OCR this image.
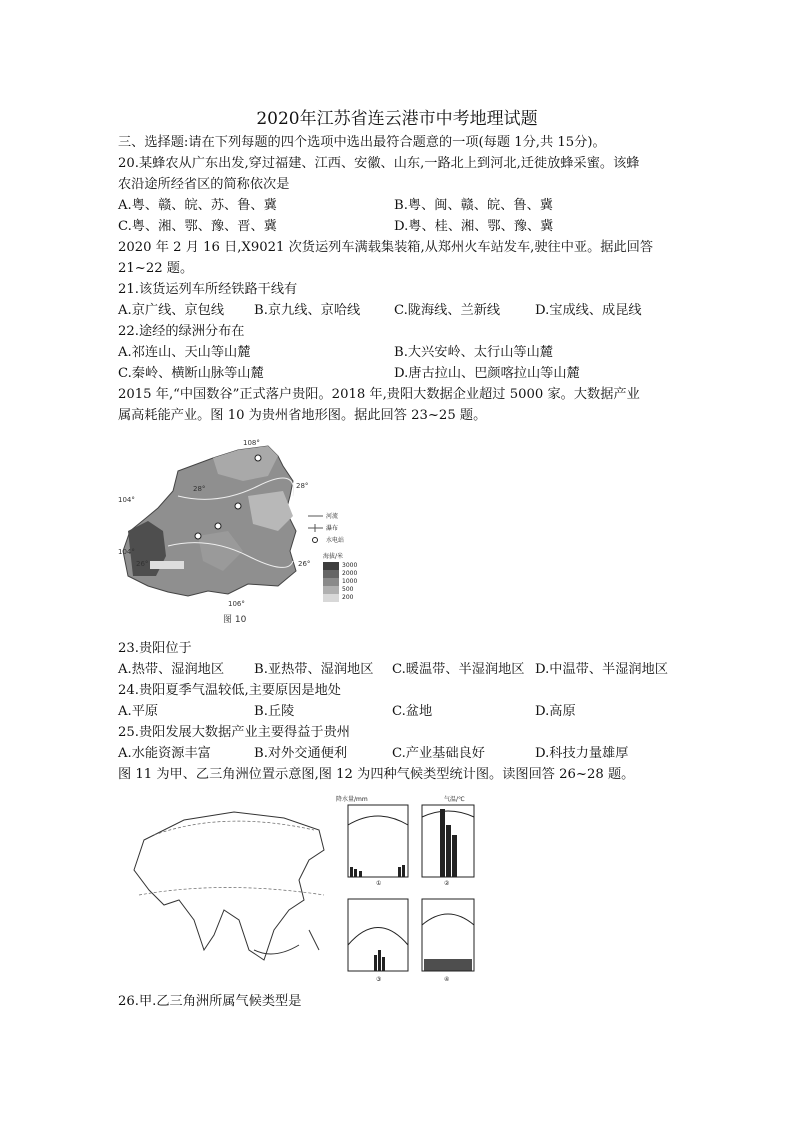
2020年江苏省连云港市中考地理试题
三、选择题:请在下列每题的四个选项中选出最符合题意的一项(每题 1分,共 15分)。
20.某蜂农从广东出发,穿过福建、江西、安徽、山东,一路北上到河北,迁徙放蜂采蜜。该蜂
农沿途所经省区的简称依次是
A.粤、赣、皖、苏、鲁、冀	B.粤、闽、赣、皖、鲁、冀
C.粤、湘、鄂、豫、晋、冀	D.粤、桂、湘、鄂、豫、冀
2020 年 2 月 16 日,X9021 次货运列车满载集装箱,从郑州火车站发车,驶往中亚。据此回答
21~22 题。
21.该货运列车所经铁路干线有
A.京广线、京包线 B.京九线、京哈线	C.陇海线、兰新线	D.宝成线、成昆线
22.途经的绿洲分布在
A.祁连山、天山等山麓	B.大兴安岭、太行山等山麓
C.秦岭、横断山脉等山麓	D.唐古拉山、巴颜喀拉山等山麓
2015 年,“中国数谷”正式落户贵阳。2018 年,贵阳大数据企业超过 5000 家。大数据产业
属高耗能产业。图 10 为贵州省地形图。据此回答 23~25 题。
108°
104°
104°
106°
28°	28°
26°	26°
河流
瀑布
水电站
海拔/米
3000
2000
1000
500
200
图 10
23.贵阳位于
A.热带、湿润地区 B.亚热带、湿润地区 C.暖温带、半湿润地区 D.中温带、半湿润地区
24.贵阳夏季气温较低,主要原因是地处
A.平原	B.丘陵	C.盆地	D.高原
25.贵阳发展大数据产业主要得益于贵州
A.水能资源丰富	B.对外交通便利	C.产业基础良好	D.科技力量雄厚
图 11 为甲、乙三角洲位置示意图,图 12 为四种气候类型统计图。读图回答 26~28 题。
降水量/mm
①
③
气温/℃
②
④
26.甲.乙三角洲所属气候类型是
